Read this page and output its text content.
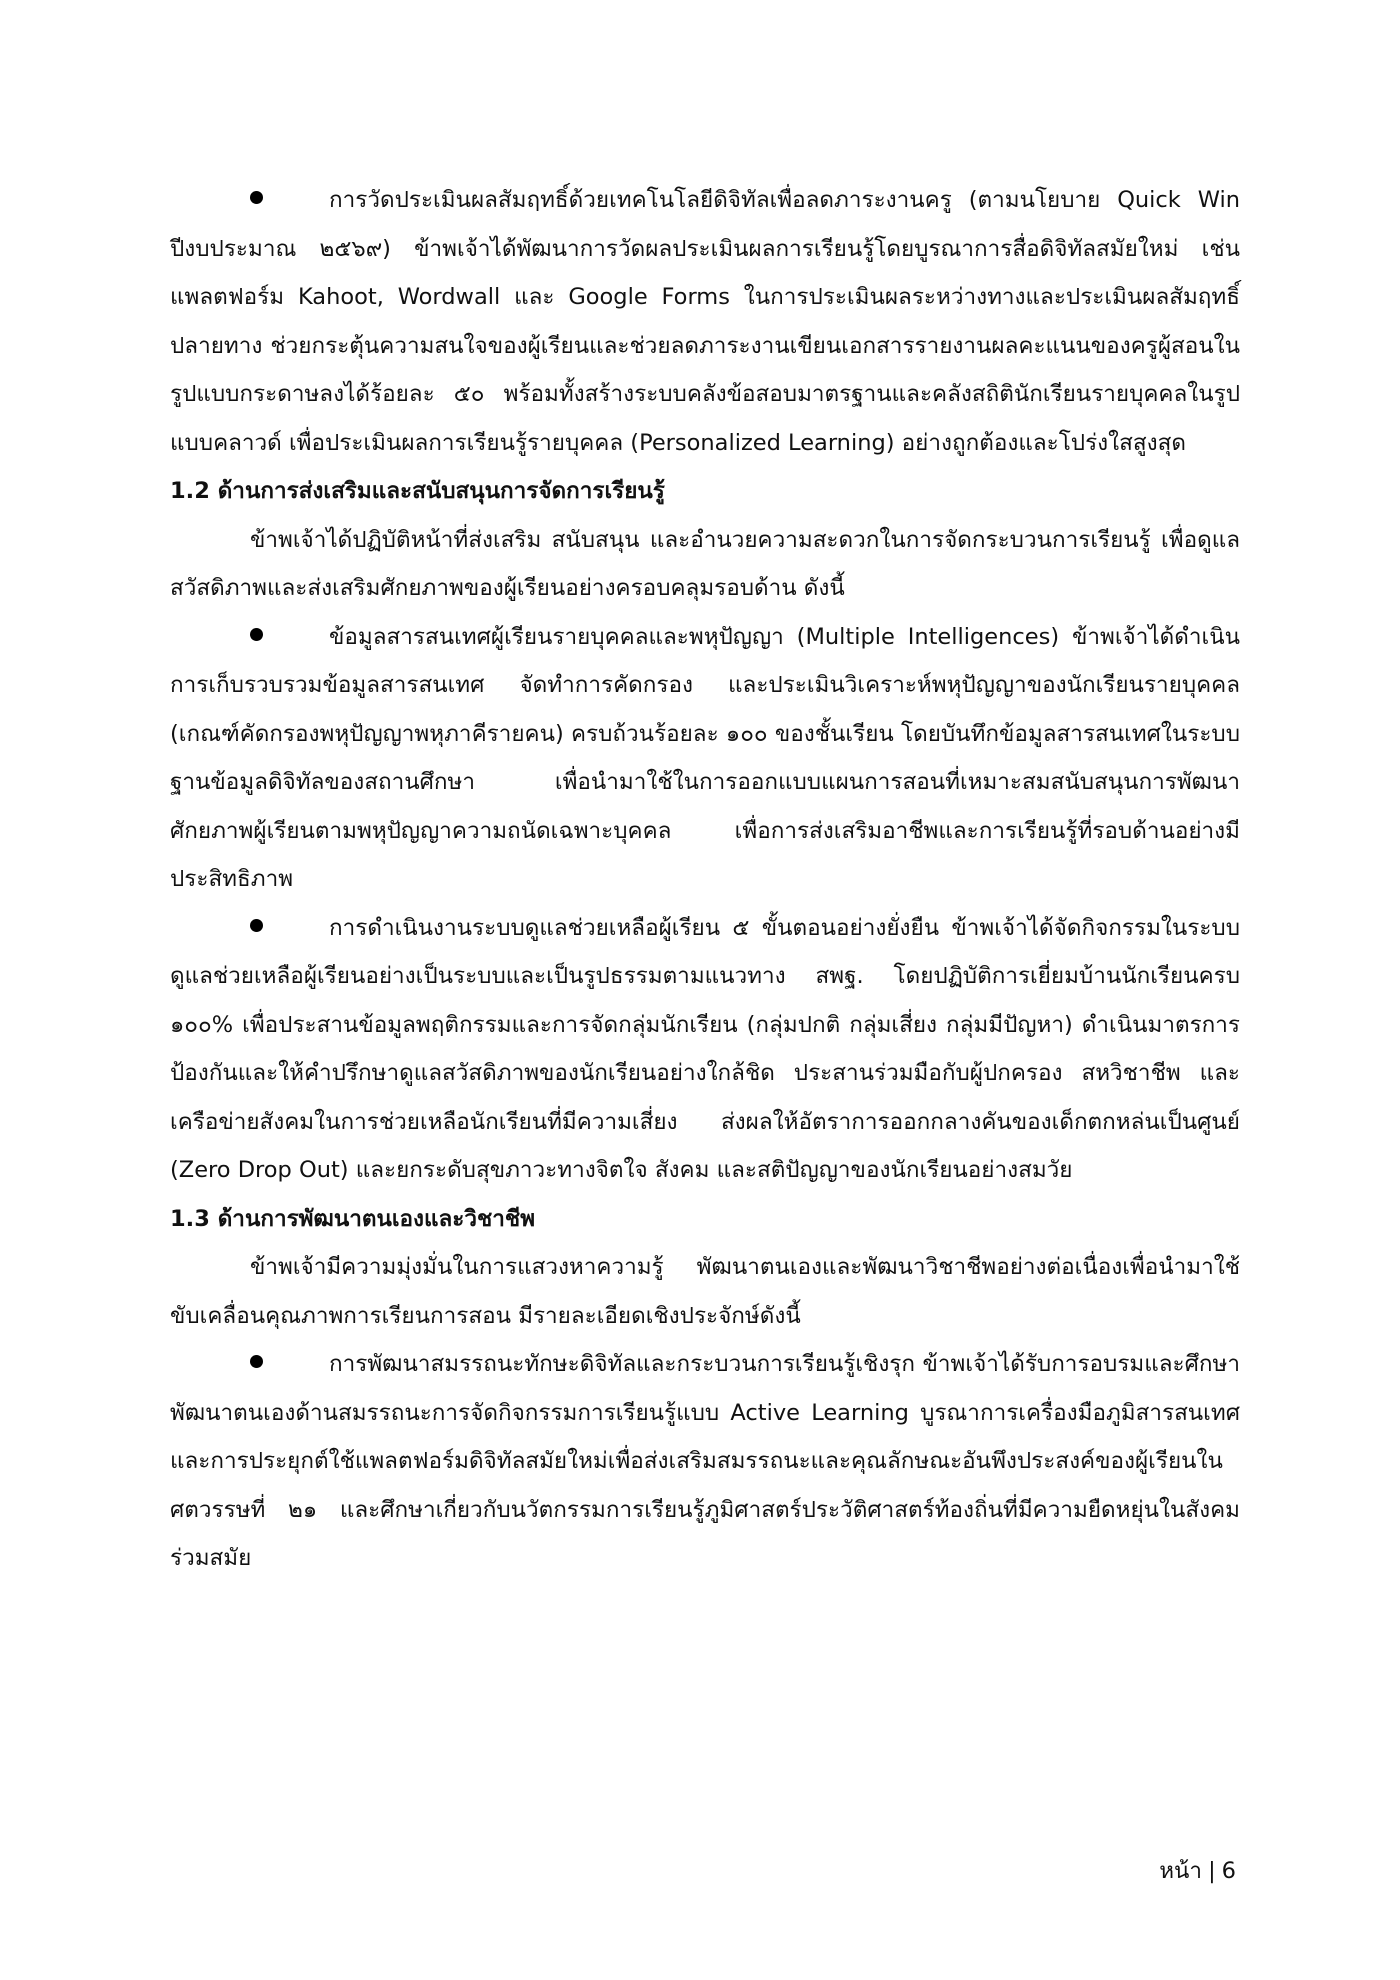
การวัดประเมินผลสัมฤทธิ์ด้วยเทคโนโลยีดิจิทัลเพื่อลดภาระงานครู (ตามนโยบาย Quick Win ปีงบประมาณ ๒๕๖๙) ข้าพเจ้าได้พัฒนาการวัดผลประเมินผลการเรียนรู้โดยบูรณาการสื่อดิจิทัลสมัยใหม่ เช่น แพลตฟอร์ม Kahoot, Wordwall และ Google Forms ในการประเมินผลระหว่างทางและประเมินผลสัมฤทธิ์ปลายทาง ช่วยกระตุ้นความสนใจของผู้เรียนและช่วยลดภาระงานเขียนเอกสารรายงานผลคะแนนของครูผู้สอนในรูปแบบกระดาษลงได้ร้อยละ ๕๐ พร้อมทั้งสร้างระบบคลังข้อสอบมาตรฐานและคลังสถิตินักเรียนรายบุคคลในรูปแบบคลาวด์ เพื่อประเมินผลการเรียนรู้รายบุคคล (Personalized Learning) อย่างถูกต้องและโปร่งใสสูงสุด

1.2 ด้านการส่งเสริมและสนับสนุนการจัดการเรียนรู้

ข้าพเจ้าได้ปฏิบัติหน้าที่ส่งเสริม สนับสนุน และอำนวยความสะดวกในการจัดกระบวนการเรียนรู้ เพื่อดูแลสวัสดิภาพและส่งเสริมศักยภาพของผู้เรียนอย่างครอบคลุมรอบด้าน ดังนี้

ข้อมูลสารสนเทศผู้เรียนรายบุคคลและพหุปัญญา (Multiple Intelligences) ข้าพเจ้าได้ดำเนินการเก็บรวบรวมข้อมูลสารสนเทศ จัดทำการคัดกรอง และประเมินวิเคราะห์พหุปัญญาของนักเรียนรายบุคคล (เกณฑ์คัดกรองพหุปัญญาพหุภาคีรายคน) ครบถ้วนร้อยละ ๑๐๐ ของชั้นเรียน โดยบันทึกข้อมูลสารสนเทศในระบบฐานข้อมูลดิจิทัลของสถานศึกษา เพื่อนำมาใช้ในการออกแบบแผนการสอนที่เหมาะสมสนับสนุนการพัฒนาศักยภาพผู้เรียนตามพหุปัญญาความถนัดเฉพาะบุคคล เพื่อการส่งเสริมอาชีพและการเรียนรู้ที่รอบด้านอย่างมีประสิทธิภาพ

การดำเนินงานระบบดูแลช่วยเหลือผู้เรียน ๕ ขั้นตอนอย่างยั่งยืน ข้าพเจ้าได้จัดกิจกรรมในระบบดูแลช่วยเหลือผู้เรียนอย่างเป็นระบบและเป็นรูปธรรมตามแนวทาง สพฐ. โดยปฏิบัติการเยี่ยมบ้านนักเรียนครบ ๑๐๐% เพื่อประสานข้อมูลพฤติกรรมและการจัดกลุ่มนักเรียน (กลุ่มปกติ กลุ่มเสี่ยง กลุ่มมีปัญหา) ดำเนินมาตรการป้องกันและให้คำปรึกษาดูแลสวัสดิภาพของนักเรียนอย่างใกล้ชิด ประสานร่วมมือกับผู้ปกครอง สหวิชาชีพ และเครือข่ายสังคมในการช่วยเหลือนักเรียนที่มีความเสี่ยง ส่งผลให้อัตราการออกกลางคันของเด็กตกหล่นเป็นศูนย์ (Zero Drop Out) และยกระดับสุขภาวะทางจิตใจ สังคม และสติปัญญาของนักเรียนอย่างสมวัย

1.3 ด้านการพัฒนาตนเองและวิชาชีพ

ข้าพเจ้ามีความมุ่งมั่นในการแสวงหาความรู้ พัฒนาตนเองและพัฒนาวิชาชีพอย่างต่อเนื่องเพื่อนำมาใช้ขับเคลื่อนคุณภาพการเรียนการสอน มีรายละเอียดเชิงประจักษ์ดังนี้

การพัฒนาสมรรถนะทักษะดิจิทัลและกระบวนการเรียนรู้เชิงรุก ข้าพเจ้าได้รับการอบรมและศึกษาพัฒนาตนเองด้านสมรรถนะการจัดกิจกรรมการเรียนรู้แบบ Active Learning บูรณาการเครื่องมือภูมิสารสนเทศและการประยุกต์ใช้แพลตฟอร์มดิจิทัลสมัยใหม่เพื่อส่งเสริมสมรรถนะและคุณลักษณะอันพึงประสงค์ของผู้เรียนในศตวรรษที่ ๒๑ และศึกษาเกี่ยวกับนวัตกรรมการเรียนรู้ภูมิศาสตร์ประวัติศาสตร์ท้องถิ่นที่มีความยืดหยุ่นในสังคมร่วมสมัย

หน้า | 6
